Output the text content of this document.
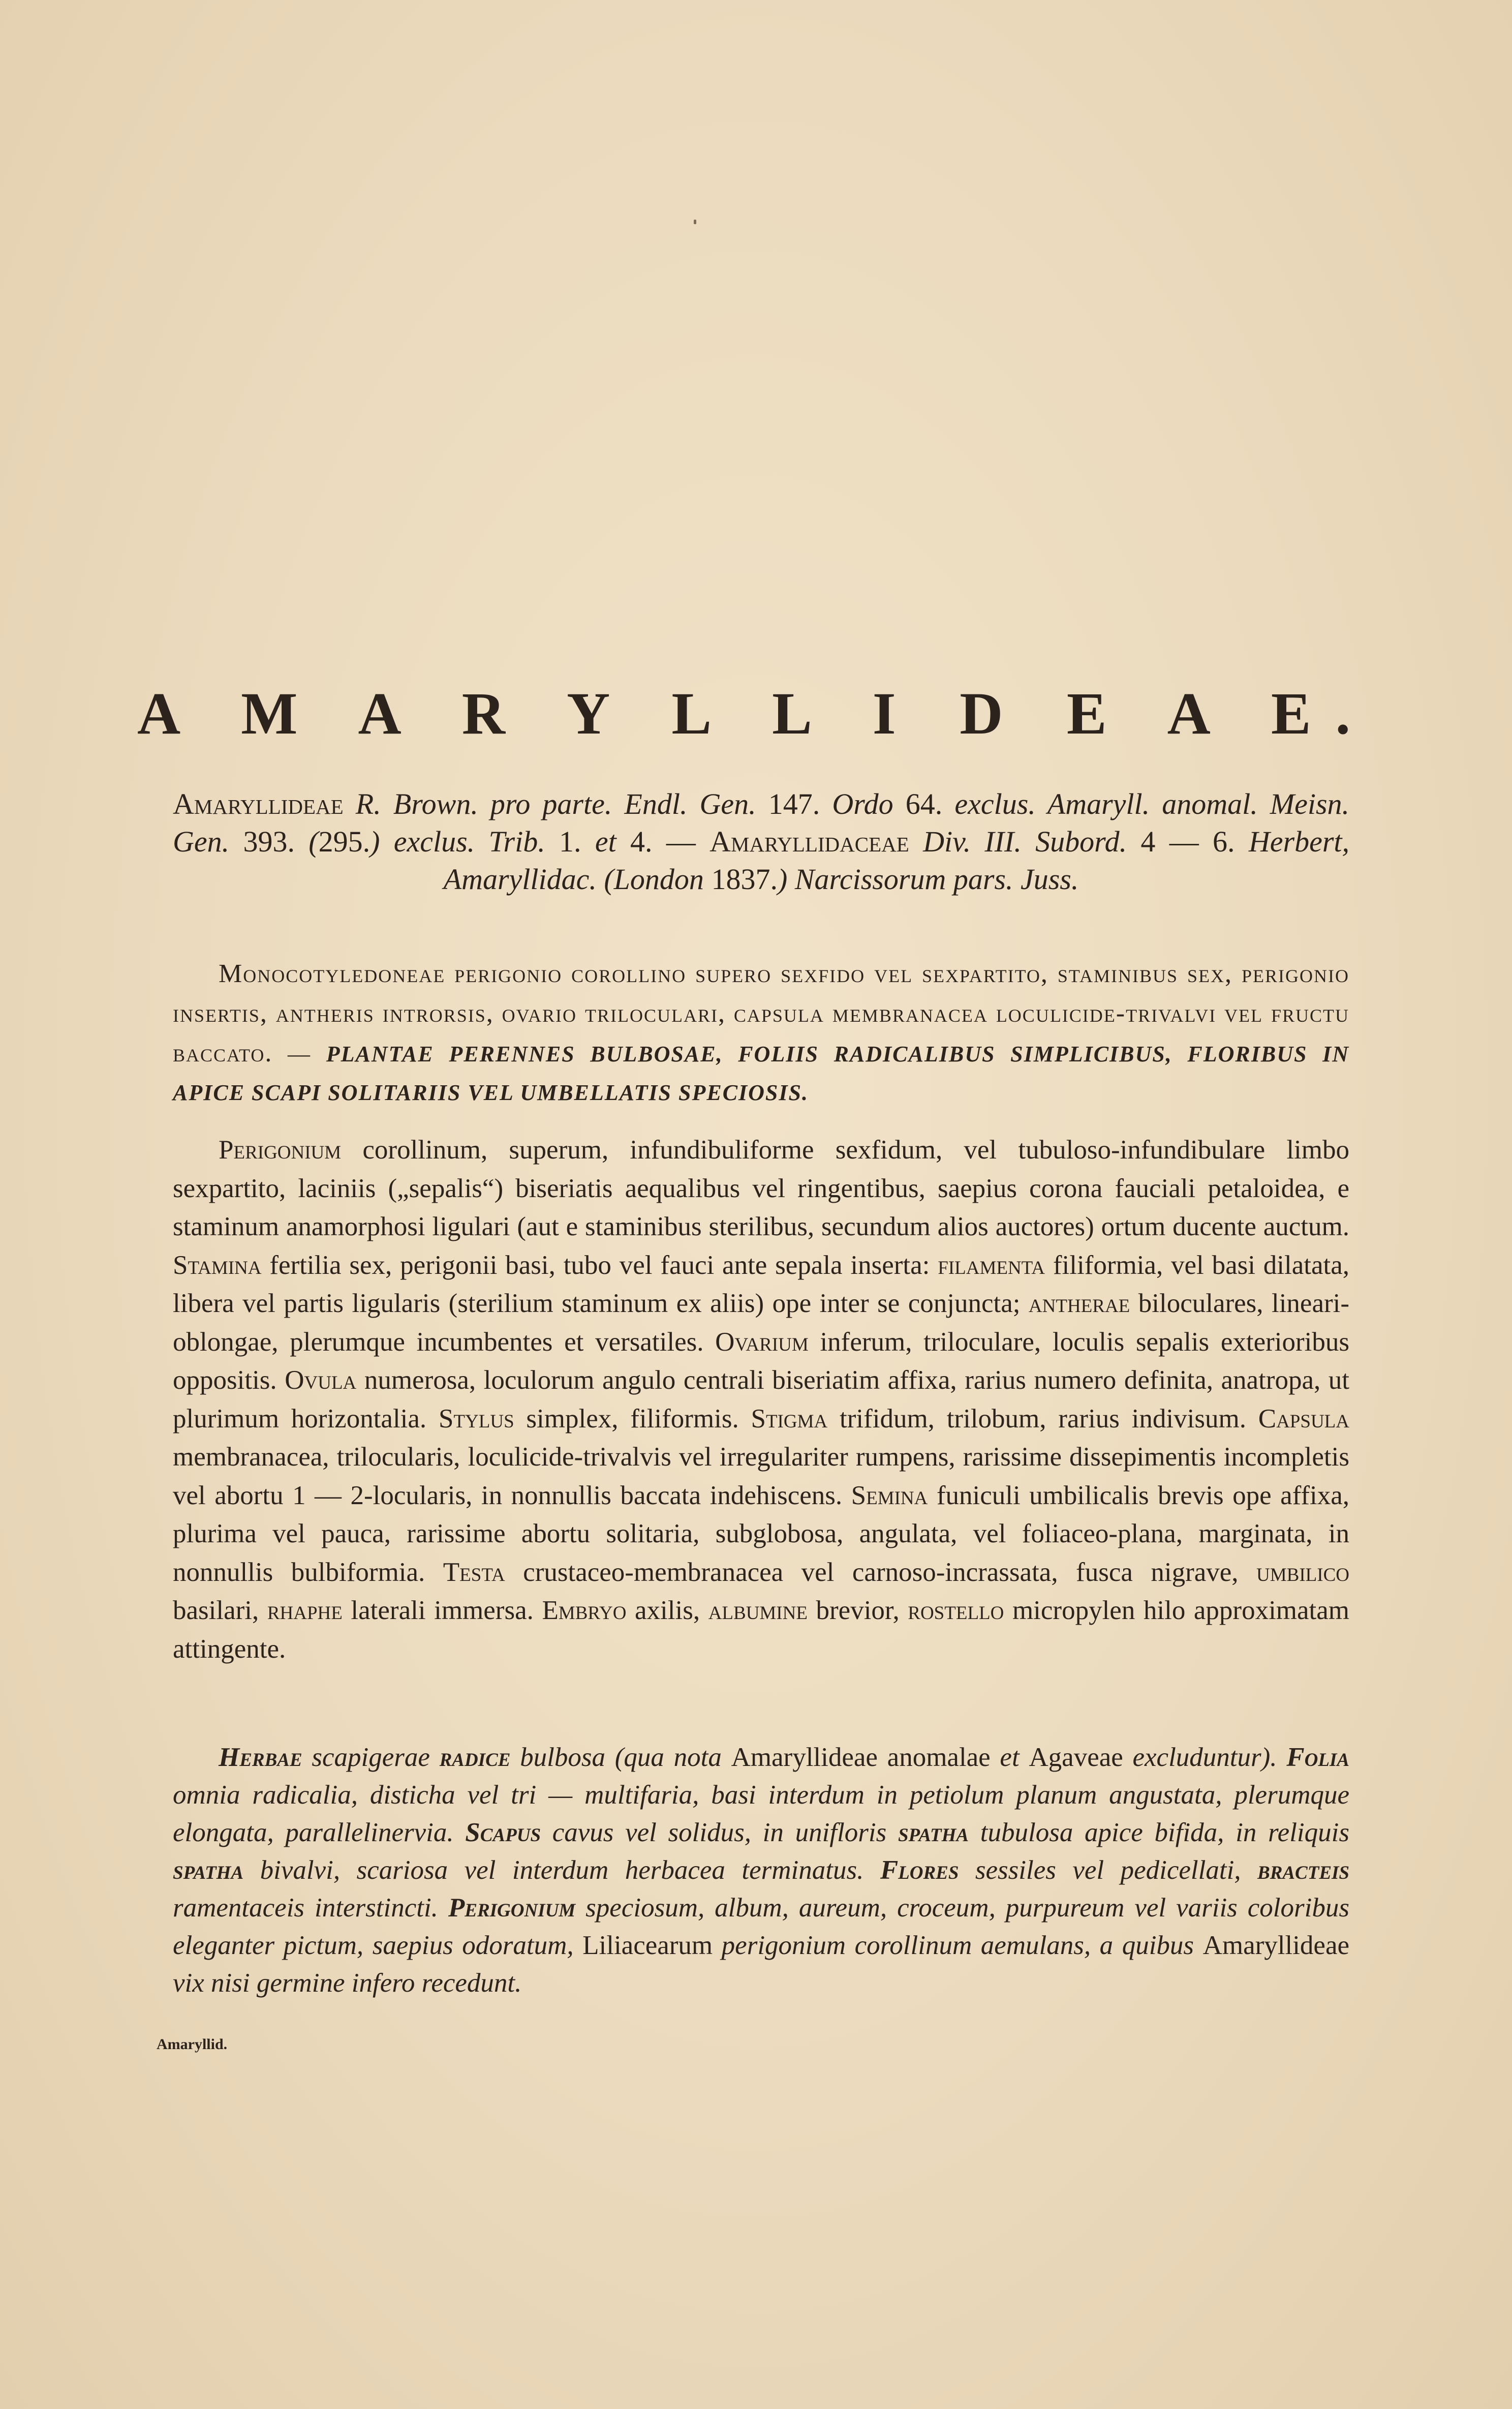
A M A R Y L L I D E A E.
Amaryllideae R. Brown. pro parte. Endl. Gen. 147. Ordo 64. exclus. Amaryll. anomal. Meisn. Gen. 393. (295.) exclus. Trib. 1. et 4. — Amaryllidaceae Div. III. Subord. 4 — 6. Herbert, Amaryllidac. (London 1837.) Narcissorum pars. Juss.
Monocotyledoneae perigonio corollino supero sexfido vel sexpartito, staminibus sex, perigonio insertis, antheris introrsis, ovario triloculari, capsula membranacea loculicide-trivalvi vel fructu baccato. — PLANTAE PERENNES BULBOSAE, FOLIIS RADICALIBUS SIMPLICIBUS, FLORIBUS IN APICE SCAPI SOLITARIIS VEL UMBELLATIS SPECIOSIS.
Perigonium corollinum, superum, infundibuliforme sexfidum, vel tubuloso-infundibulare limbo sexpartito, laciniis („sepalis“) biseriatis aequalibus vel ringentibus, saepius corona fauciali petaloidea, e staminum anamorphosi ligulari (aut e staminibus sterilibus, secundum alios auctores) ortum ducente auctum. Stamina fertilia sex, perigonii basi, tubo vel fauci ante sepala inserta: filamenta filiformia, vel basi dilatata, libera vel partis ligularis (sterilium staminum ex aliis) ope inter se conjuncta; antherae biloculares, lineari-oblongae, plerumque incumbentes et versatiles. Ovarium inferum, triloculare, loculis sepalis exterioribus oppositis. Ovula numerosa, loculorum angulo centrali biseriatim affixa, rarius numero definita, anatropa, ut plurimum horizontalia. Stylus simplex, filiformis. Stigma trifidum, trilobum, rarius indivisum. Capsula membranacea, trilocularis, loculicide-trivalvis vel irregulariter rumpens, rarissime dissepimentis incompletis vel abortu 1 — 2-locularis, in nonnullis baccata indehiscens. Semina funiculi umbilicalis brevis ope affixa, plurima vel pauca, rarissime abortu solitaria, subglobosa, angulata, vel foliaceo-plana, marginata, in nonnullis bulbiformia. Testa crustaceo-membranacea vel carnoso-incrassata, fusca nigrave, umbilico basilari, rhaphe laterali immersa. Embryo axilis, albumine brevior, rostello micropylen hilo approximatam attingente.
Herbae scapigerae radice bulbosa (qua nota Amaryllideae anomalae et Agaveae excluduntur). Folia omnia radicalia, disticha vel tri — multifaria, basi interdum in petiolum planum angustata, plerumque elongata, parallelinervia. Scapus cavus vel solidus, in unifloris spatha tubulosa apice bifida, in reliquis spatha bivalvi, scariosa vel interdum herbacea terminatus. Flores sessiles vel pedicellati, bracteis ramentaceis interstincti. Perigonium speciosum, album, aureum, croceum, purpureum vel variis coloribus eleganter pictum, saepius odoratum, Liliacearum perigonium corollinum aemulans, a quibus Amaryllideae vix nisi germine infero recedunt.
Amaryllid.
